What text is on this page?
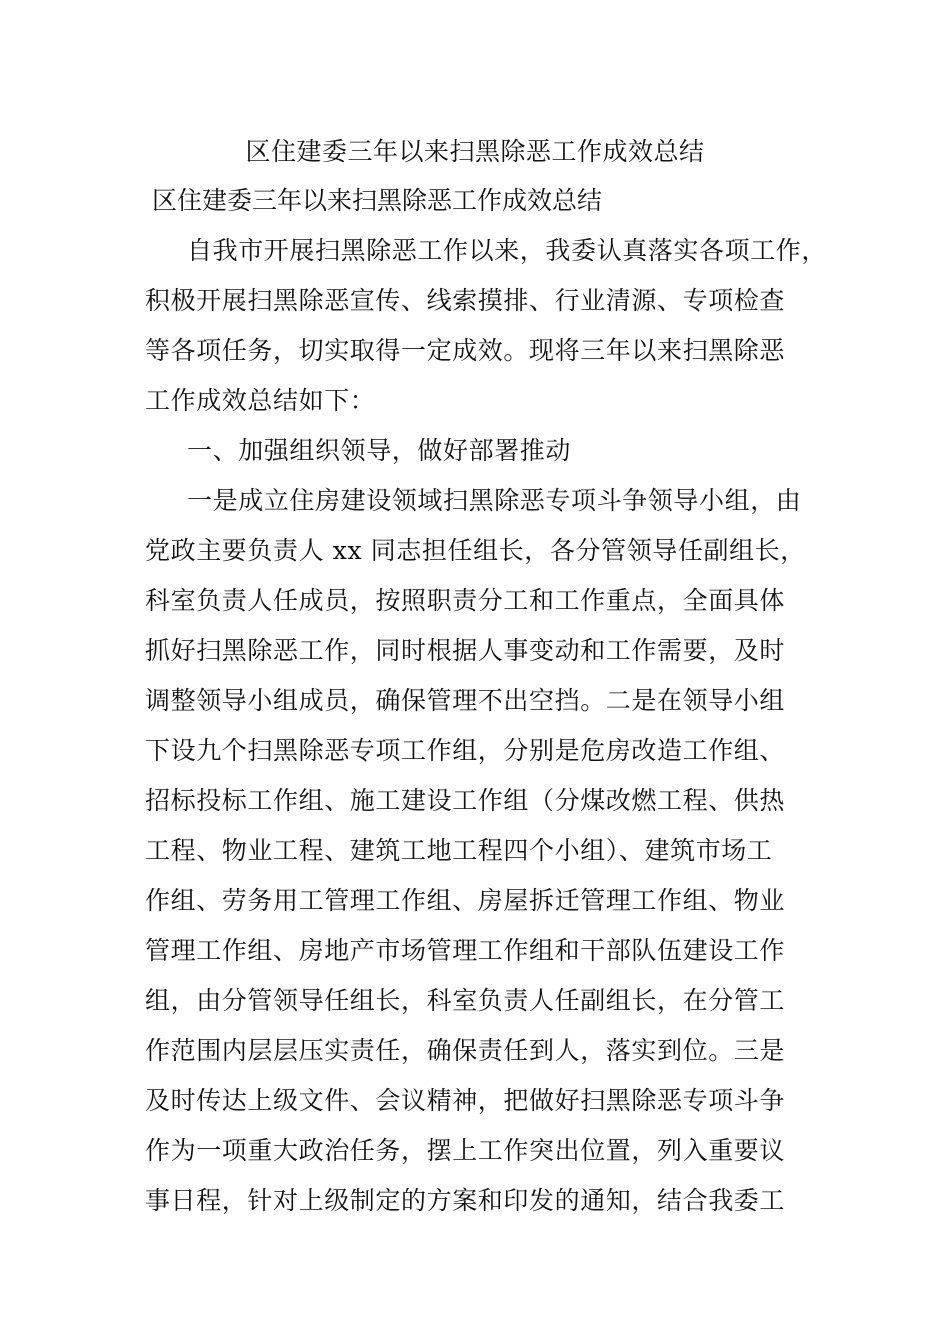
区住建委三年以来扫黑除恶工作成效总结
区住建委三年以来扫黑除恶工作成效总结
自我市开展扫黑除恶工作以来，我委认真落实各项工作，
积极开展扫黑除恶宣传、线索摸排、行业清源、专项检查
等各项任务，切实取得一定成效。现将三年以来扫黑除恶
工作成效总结如下：
一、加强组织领导，做好部署推动
一是成立住房建设领域扫黑除恶专项斗争领导小组，由
党政主要负责人 xx 同志担任组长，各分管领导任副组长，
科室负责人任成员，按照职责分工和工作重点，全面具体
抓好扫黑除恶工作，同时根据人事变动和工作需要，及时
调整领导小组成员，确保管理不出空挡。二是在领导小组
下设九个扫黑除恶专项工作组，分别是危房改造工作组、
招标投标工作组、施工建设工作组（分煤改燃工程、供热
工程、物业工程、建筑工地工程四个小组）、建筑市场工
作组、劳务用工管理工作组、房屋拆迁管理工作组、物业
管理工作组、房地产市场管理工作组和干部队伍建设工作
组，由分管领导任组长，科室负责人任副组长，在分管工
作范围内层层压实责任，确保责任到人，落实到位。三是
及时传达上级文件、会议精神，把做好扫黑除恶专项斗争
作为一项重大政治任务，摆上工作突出位置，列入重要议
事日程，针对上级制定的方案和印发的通知，结合我委工
